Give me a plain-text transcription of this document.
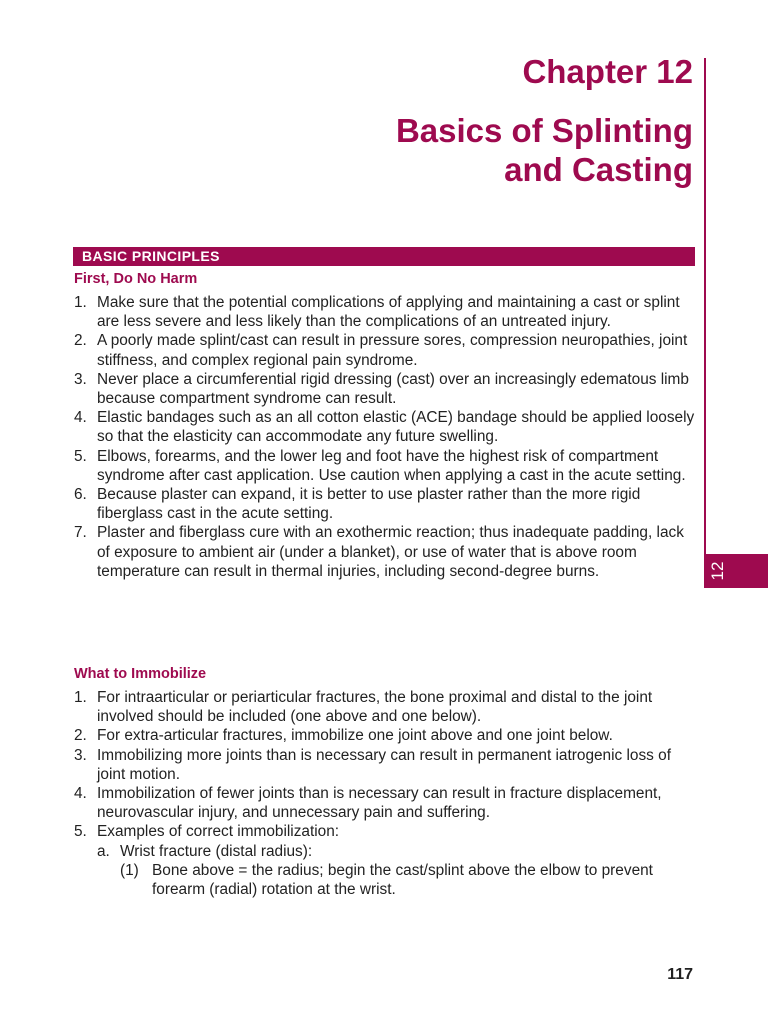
Chapter 12
Basics of Splinting
and Casting
12
BASIC PRINCIPLES
First, Do No Harm
1. Make sure that the potential complications of applying and maintaining a cast or splint are less severe and less likely than the complications of an untreated injury.
2. A poorly made splint/cast can result in pressure sores, compression neuropathies, joint stiffness, and complex regional pain syndrome.
3. Never place a circumferential rigid dressing (cast) over an increasingly edematous limb because compartment syndrome can result.
4. Elastic bandages such as an all cotton elastic (ACE) bandage should be applied loosely so that the elasticity can accommodate any future swelling.
5. Elbows, forearms, and the lower leg and foot have the highest risk of compartment syndrome after cast application. Use caution when applying a cast in the acute setting.
6. Because plaster can expand, it is better to use plaster rather than the more rigid fiberglass cast in the acute setting.
7. Plaster and fiberglass cure with an exothermic reaction; thus inadequate padding, lack of exposure to ambient air (under a blanket), or use of water that is above room temperature can result in thermal injuries, including second-degree burns.
What to Immobilize
1. For intraarticular or periarticular fractures, the bone proximal and distal to the joint involved should be included (one above and one below).
2. For extra-articular fractures, immobilize one joint above and one joint below.
3. Immobilizing more joints than is necessary can result in permanent iatrogenic loss of joint motion.
4. Immobilization of fewer joints than is necessary can result in fracture displacement, neurovascular injury, and unnecessary pain and suffering.
5. Examples of correct immobilization:
a. Wrist fracture (distal radius):
(1) Bone above = the radius; begin the cast/splint above the elbow to prevent forearm (radial) rotation at the wrist.
117
